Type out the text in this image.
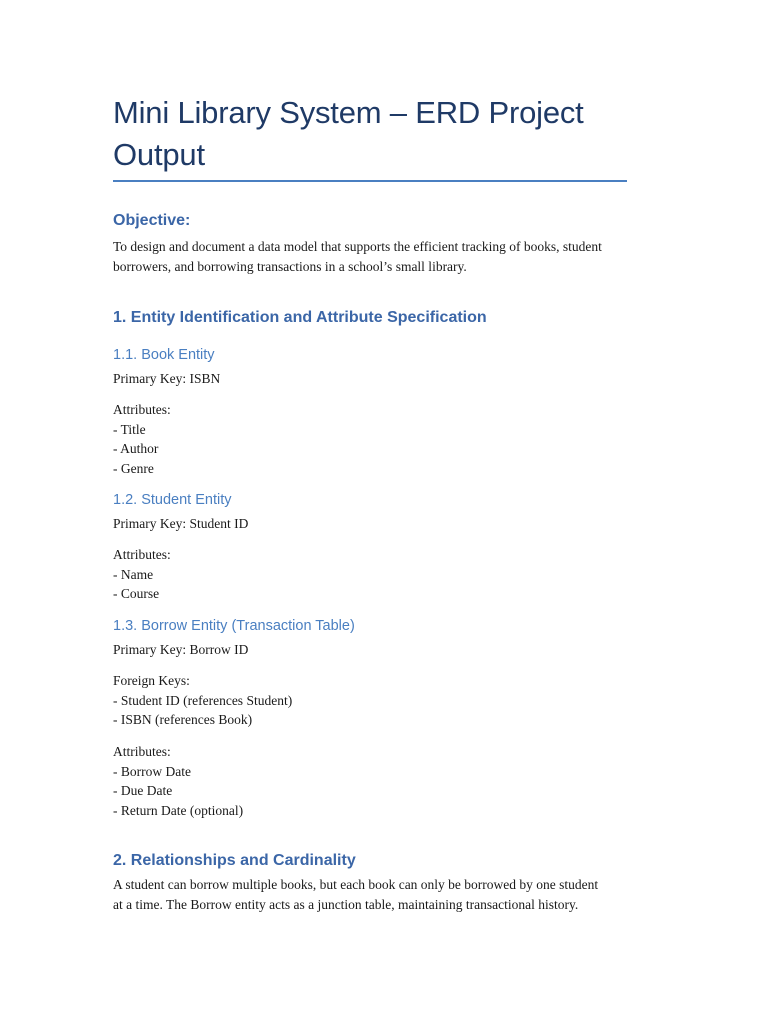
Mini Library System – ERD Project Output
Objective:
To design and document a data model that supports the efficient tracking of books, student
borrowers, and borrowing transactions in a school’s small library.
1. Entity Identification and Attribute Specification
1.1. Book Entity
Primary Key: ISBN
Attributes:
- Title
- Author
- Genre
1.2. Student Entity
Primary Key: Student ID
Attributes:
- Name
- Course
1.3. Borrow Entity (Transaction Table)
Primary Key: Borrow ID
Foreign Keys:
- Student ID (references Student)
- ISBN (references Book)
Attributes:
- Borrow Date
- Due Date
- Return Date (optional)
2. Relationships and Cardinality
A student can borrow multiple books, but each book can only be borrowed by one student
at a time. The Borrow entity acts as a junction table, maintaining transactional history.
